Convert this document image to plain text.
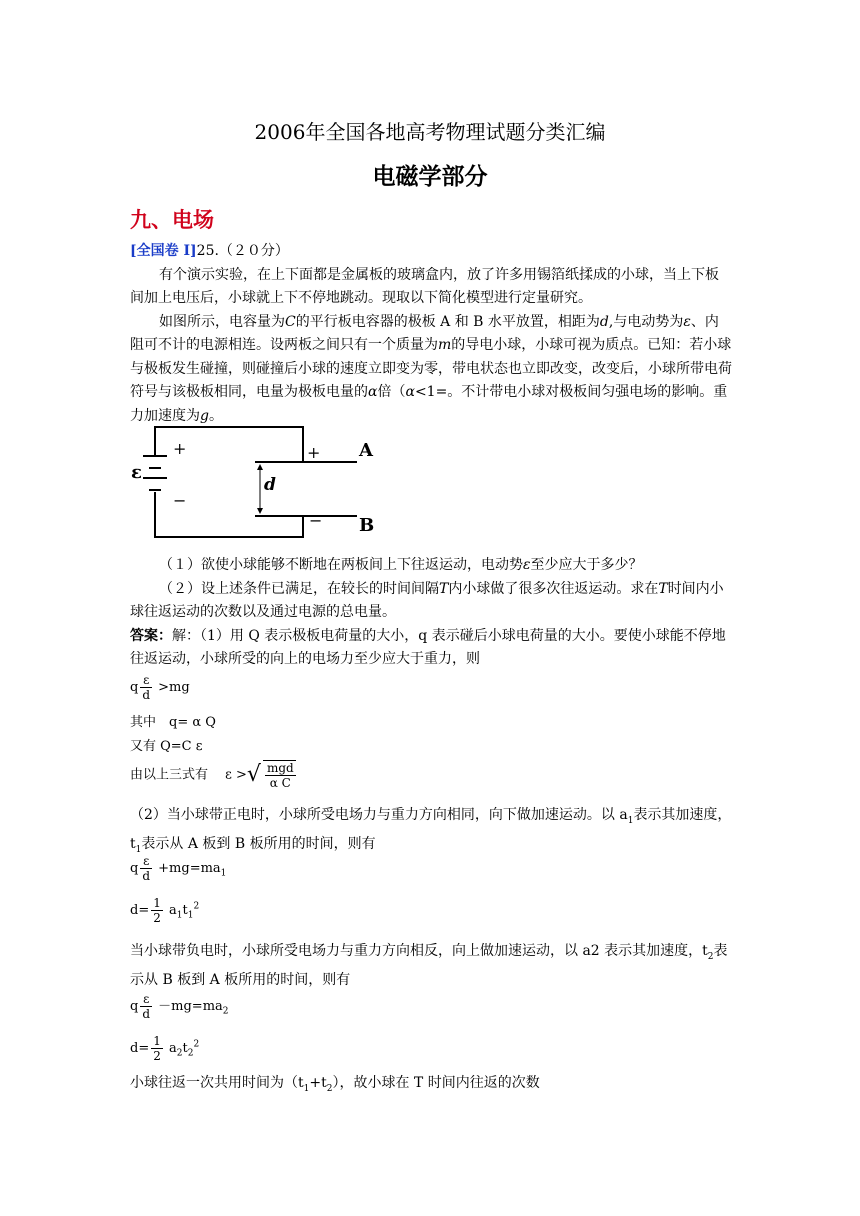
2006年全国各地高考物理试题分类汇编
电磁学部分
九、电场

[全国卷 I]25.（２０分）

有个演示实验，在上下面都是金属板的玻璃盒内，放了许多用锡箔纸揉成的小球，当上下板间加上电压后，小球就上下不停地跳动。现取以下简化模型进行定量研究。

如图所示，电容量为C的平行板电容器的极板 A 和 B 水平放置，相距为d,与电动势为ε、内阻可不计的电源相连。设两板之间只有一个质量为m的导电小球，小球可视为质点。已知：若小球与极板发生碰撞，则碰撞后小球的速度立即变为零，带电状态也立即改变，改变后，小球所带电荷符号与该极板相同，电量为极板电量的α倍（α<1=。不计带电小球对极板间匀强电场的影响。重力加速度为g。

ε
+
−
+
−
A
B
d

（１）欲使小球能够不断地在两板间上下往返运动，电动势ε至少应大于多少？

（２）设上述条件已满足，在较长的时间间隔T内小球做了很多次往返运动。求在T时间内小球往返运动的次数以及通过电源的总电量。

答案：解：（1）用 Q 表示极板电荷量的大小，q 表示碰后小球电荷量的大小。要使小球能不停地往返运动，小球所受的向上的电场力至少应大于重力，则

q $\frac{\varepsilon}{d} >mg$
其中　q= α Q
又有 Q=C ε
由以上三式有　 ε >√ $\frac{\text{mgd}}{\text{α C}}$

（2）当小球带正电时，小球所受电场力与重力方向相同，向下做加速运动。以 $a_1$表示其加速度，$t_1$表示从 A 板到 B 板所用的时间，则有

q $\frac{\varepsilon}{d} +mg=ma_1$
$d= \frac{1}{2} a_1t_1^2$

当小球带负电时，小球所受电场力与重力方向相反，向上做加速运动，以 a2 表示其加速度，$t_2$表示从 B 板到 A 板所用的时间，则有

q $\frac{\varepsilon}{d} -mg=ma_2$
$d= \frac{1}{2} a_2t_2^2$

小球往返一次共用时间为$(t_1+t_2)$，故小球在 T 时间内往返的次数
